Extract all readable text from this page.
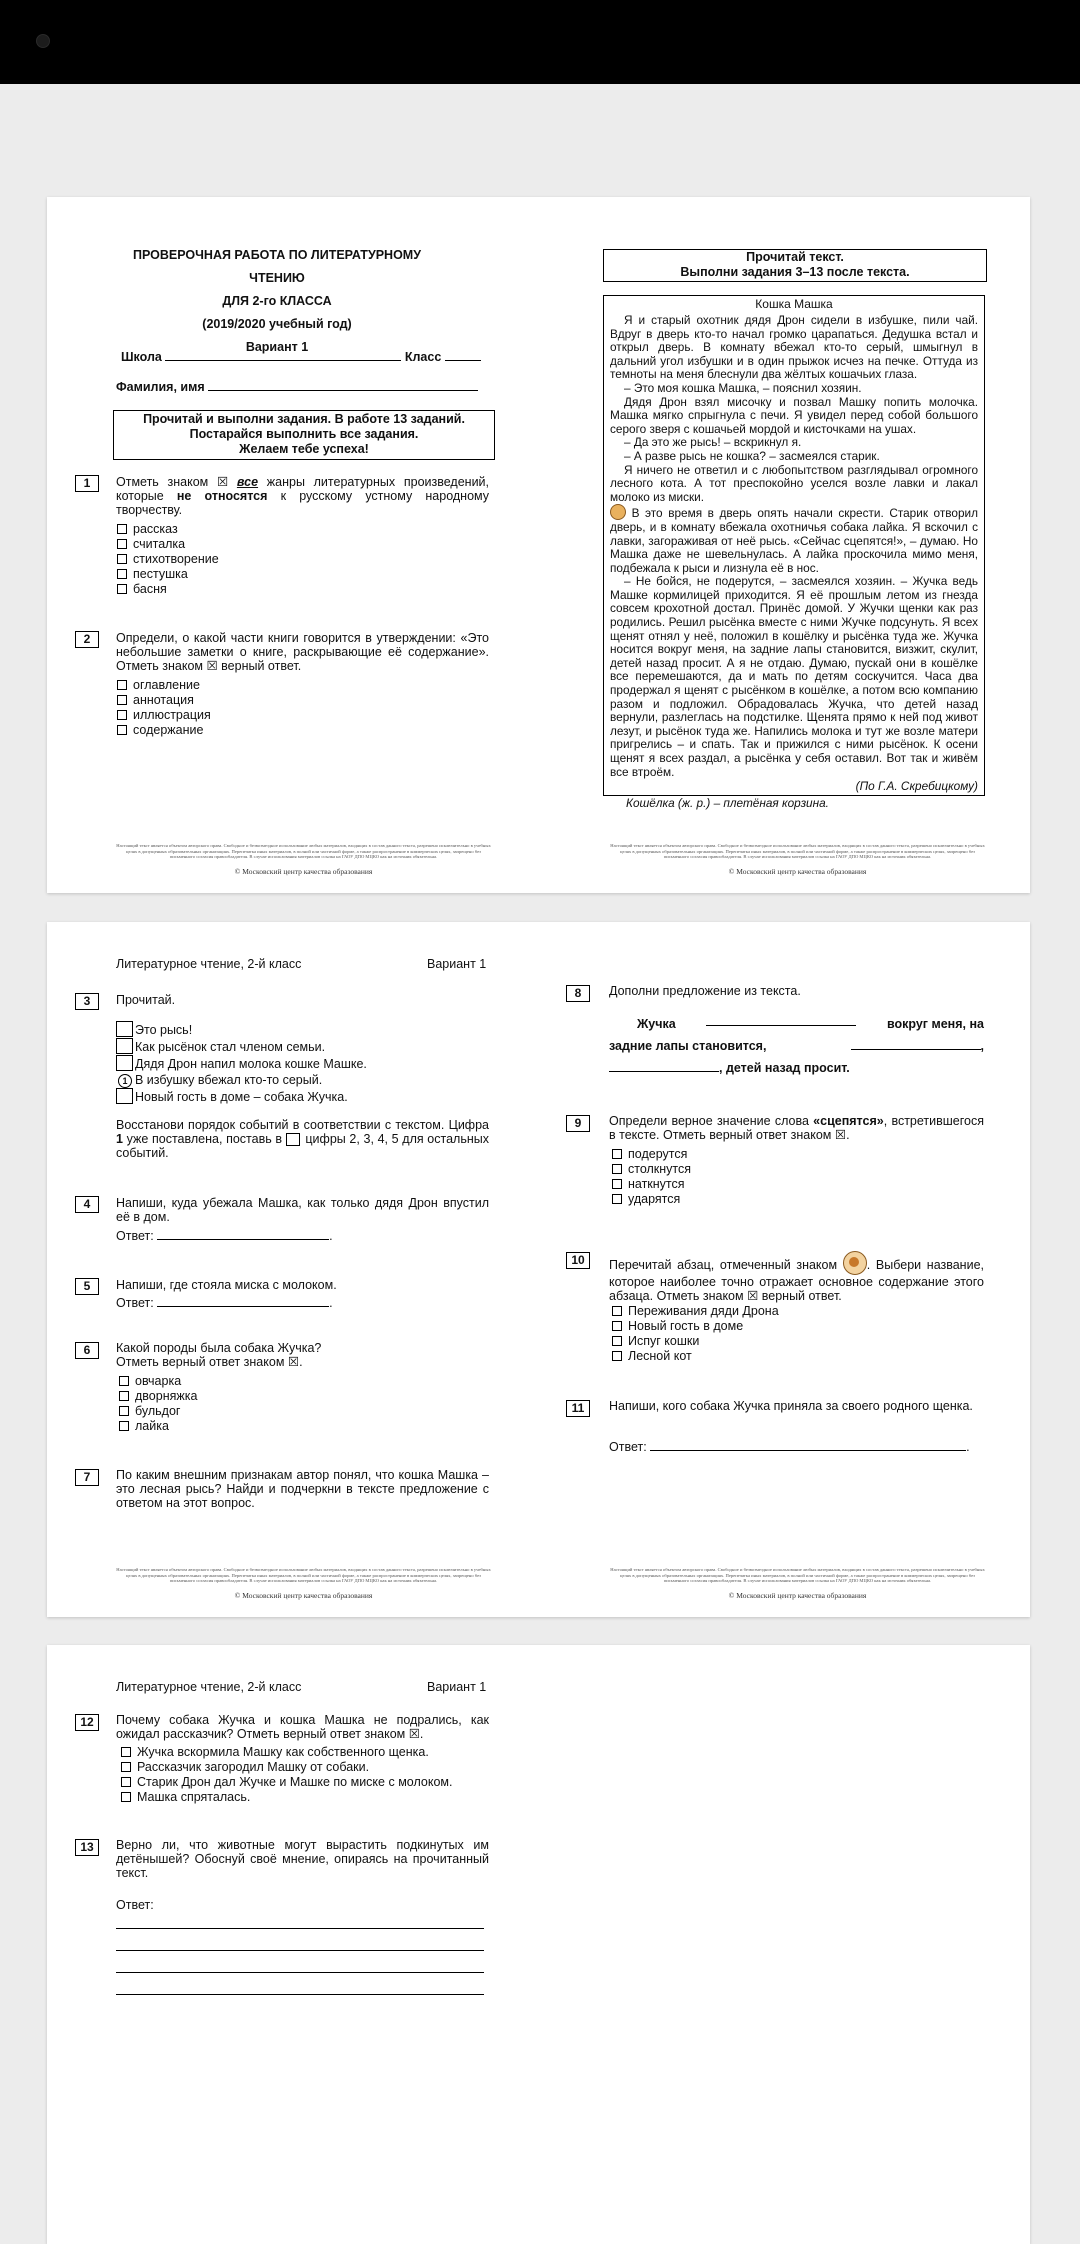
ПРОВЕРОЧНАЯ РАБОТА ПО ЛИТЕРАТУРНОМУ ЧТЕНИЮ
ДЛЯ 2-го КЛАССА
(2019/2020 учебный год)
Вариант 1
Школа	Класс
Фамилия, имя
Прочитай и выполни задания. В работе 13 заданий.
Постарайся выполнить все задания.
Желаем тебе успеха!
1	Отметь знаком ☒ все жанры литературных произведений, которые не относятся к русскому устному народному творчеству.
рассказ
считалка
стихотворение
пестушка
басня
2	Определи, о какой части книги говорится в утверждении: «Это небольшие заметки о книге, раскрывающие её содержание». Отметь знаком ☒ верный ответ.
оглавление
аннотация
иллюстрация
содержание
Прочитай текст.
Выполни задания 3–13 после текста.
Кошка Машка

Я и старый охотник дядя Дрон сидели в избушке, пили чай. Вдруг в дверь кто-то начал громко царапаться. Дедушка встал и открыл дверь. В комнату вбежал кто-то серый, шмыгнул в дальний угол избушки и в один прыжок исчез на печке. Оттуда из темноты на меня блеснули два жёлтых кошачьих глаза.

– Это моя кошка Машка, – пояснил хозяин.

Дядя Дрон взял мисочку и позвал Машку попить молочка. Машка мягко спрыгнула с печи. Я увидел перед собой большого серого зверя с кошачьей мордой и кисточками на ушах.

– Да это же рысь! – вскрикнул я.

– А разве рысь не кошка? – засмеялся старик.

Я ничего не ответил и с любопытством разглядывал огромного лесного кота. А тот преспокойно уселся возле лавки и лакал молоко из миски.

В это время в дверь опять начали скрести. Старик отворил дверь, и в комнату вбежала охотничья собака лайка. Я вскочил с лавки, загораживая от неё рысь. «Сейчас сцепятся!», – думаю. Но Машка даже не шевельнулась. А лайка проскочила мимо меня, подбежала к рыси и лизнула её в нос.

– Не бойся, не подерутся, – засмеялся хозяин. – Жучка ведь Машке кормилицей приходится. Я её прошлым летом из гнезда совсем крохотной достал. Принёс домой. У Жучки щенки как раз родились. Решил рысёнка вместе с ними Жучке подсунуть. Я всех щенят отнял у неё, положил в кошёлку и рысёнка туда же. Жучка носится вокруг меня, на задние лапы становится, визжит, скулит, детей назад просит. А я не отдаю. Думаю, пускай они в кошёлке все перемешаются, да и мать по детям соскучится. Часа два продержал я щенят с рысёнком в кошёлке, а потом всю компанию разом и подложил. Обрадовалась Жучка, что детей назад вернули, разлеглась на подстилке. Щенята прямо к ней под живот лезут, и рысёнок туда же. Напились молока и тут же возле матери пригрелись – и спать. Так и прижился с ними рысёнок. К осени щенят я всех раздал, а рысёнка у себя оставил. Вот так и живём все втроём.

(По Г.А. Скребицкому)
Кошёлка (ж. р.) – плетёная корзина.
Настоящий текст является объектом авторского права. Свободное и безвозмездное использование любых материалов, входящих в состав данного текста, разрешено исключительно в учебных целях в допущенных образовательных организациях. Перепечатка иных материалов, в полной или частичной форме, а также распространение в коммерческих целях, запрещено без письменного согласия правообладателя. В случае использования материалов ссылка на ГАОУ ДПО МЦКО как на источник обязательна.
© Московский центр качества образования
Настоящий текст является объектом авторского права. Свободное и безвозмездное использование любых материалов, входящих в состав данного текста, разрешено исключительно в учебных целях в допущенных образовательных организациях. Перепечатка иных материалов, в полной или частичной форме, а также распространение в коммерческих целях, запрещено без письменного согласия правообладателя. В случае использования материалов ссылка на ГАОУ ДПО МЦКО как на источник обязательна.
© Московский центр качества образования
Литературное чтение, 2-й класс	Вариант 1
3	Прочитай.
Это рысь!
Как рысёнок стал членом семьи.
Дядя Дрон напил молока кошке Машке.
1 В избушку вбежал кто-то серый.
Новый гость в доме – собака Жучка.
Восстанови порядок событий в соответствии с текстом. Цифра 1 уже поставлена, поставь в цифры 2, 3, 4, 5 для остальных событий.
4	Напиши, куда убежала Машка, как только дядя Дрон впустил её в дом.
Ответ:	.
5	Напиши, где стояла миска с молоком.
Ответ:	.
6	Какой породы была собака Жучка?
Отметь верный ответ знаком ☒.
овчарка
дворняжка
бульдог
лайка
7	По каким внешним признакам автор понял, что кошка Машка – это лесная рысь? Найди и подчеркни в тексте предложение с ответом на этот вопрос.
8	Дополни предложение из текста.
Жучка	вокруг меня, на
задние лапы становится,	,
, детей назад просит.
9	Определи верное значение слова «сцепятся», встретившегося в тексте. Отметь верный ответ знаком ☒.
подерутся
столкнутся
наткнутся
ударятся
10	Перечитай абзац, отмеченный знаком . Выбери название, которое наиболее точно отражает основное содержание этого абзаца. Отметь знаком ☒ верный ответ.
Переживания дяди Дрона
Новый гость в доме
Испуг кошки
Лесной кот
11	Напиши, кого собака Жучка приняла за своего родного щенка.
Ответ:	.
Настоящий текст является объектом авторского права. Свободное и безвозмездное использование любых материалов, входящих в состав данного текста, разрешено исключительно в учебных целях в допущенных образовательных организациях. Перепечатка иных материалов, в полной или частичной форме, а также распространение в коммерческих целях, запрещено без письменного согласия правообладателя. В случае использования материалов ссылка на ГАОУ ДПО МЦКО как на источник обязательна.
© Московский центр качества образования
Настоящий текст является объектом авторского права. Свободное и безвозмездное использование любых материалов, входящих в состав данного текста, разрешено исключительно в учебных целях в допущенных образовательных организациях. Перепечатка иных материалов, в полной или частичной форме, а также распространение в коммерческих целях, запрещено без письменного согласия правообладателя. В случае использования материалов ссылка на ГАОУ ДПО МЦКО как на источник обязательна.
© Московский центр качества образования
Литературное чтение, 2-й класс	Вариант 1
12	Почему собака Жучка и кошка Машка не подрались, как ожидал рассказчик? Отметь верный ответ знаком ☒.
Жучка вскормила Машку как собственного щенка.
Рассказчик загородил Машку от собаки.
Старик Дрон дал Жучке и Машке по миске с молоком.
Машка спряталась.
13	Верно ли, что животные могут вырастить подкинутых им детёнышей? Обоснуй своё мнение, опираясь на прочитанный текст.
Ответ:
